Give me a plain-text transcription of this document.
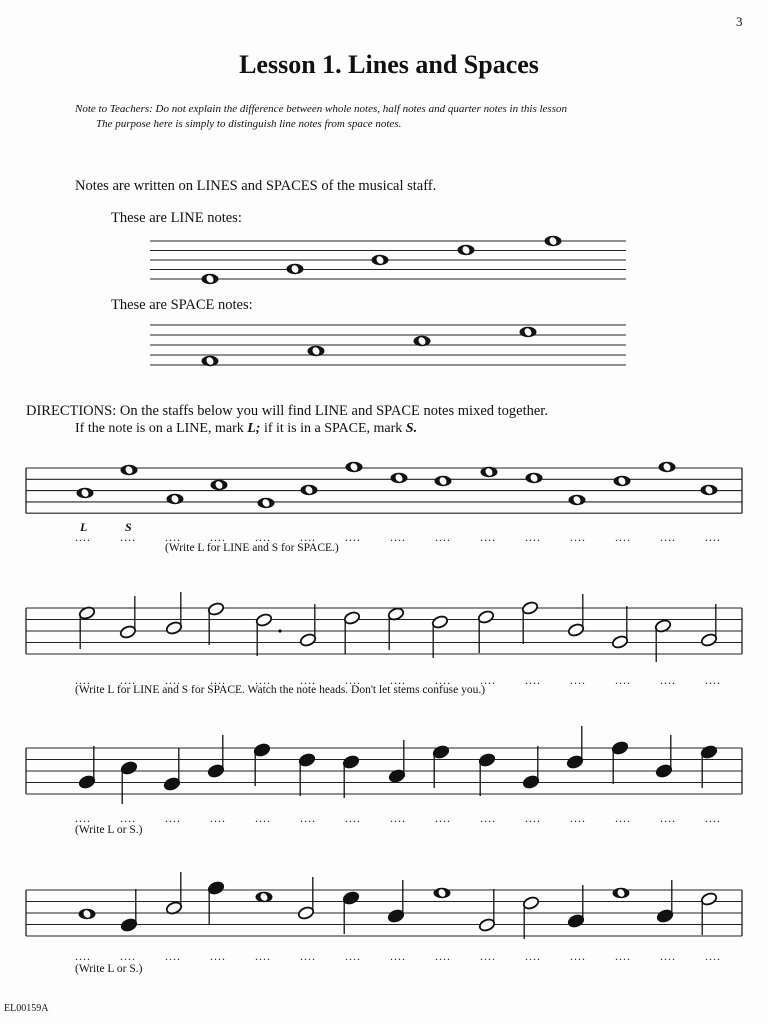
3
Lesson 1. Lines and Spaces
Note to Teachers: Do not explain the difference between whole notes, half notes and quarter notes in this lesson
The purpose here is simply to distinguish line notes from space notes.
Notes are written on LINES and SPACES of the musical staff.
These are LINE notes:
These are SPACE notes:
DIRECTIONS: On the staffs below you will find LINE and SPACE notes mixed together.
If the note is on a LINE, mark L; if it is in a SPACE, mark S.
(Write L for LINE and S for SPACE.)
(Write L for LINE and S for SPACE. Watch the note heads. Don't let stems confuse you.)
(Write L or S.)
(Write L or S.)
EL00159A
L	S
.... .... .... .... .... .... .... .... .... .... .... .... .... .... ....
.... .... .... .... .... .... .... .... .... .... .... .... .... .... ....
.... .... .... .... .... .... .... .... .... .... .... .... .... .... ....
.... .... .... .... .... .... .... .... .... .... .... .... .... .... ....
